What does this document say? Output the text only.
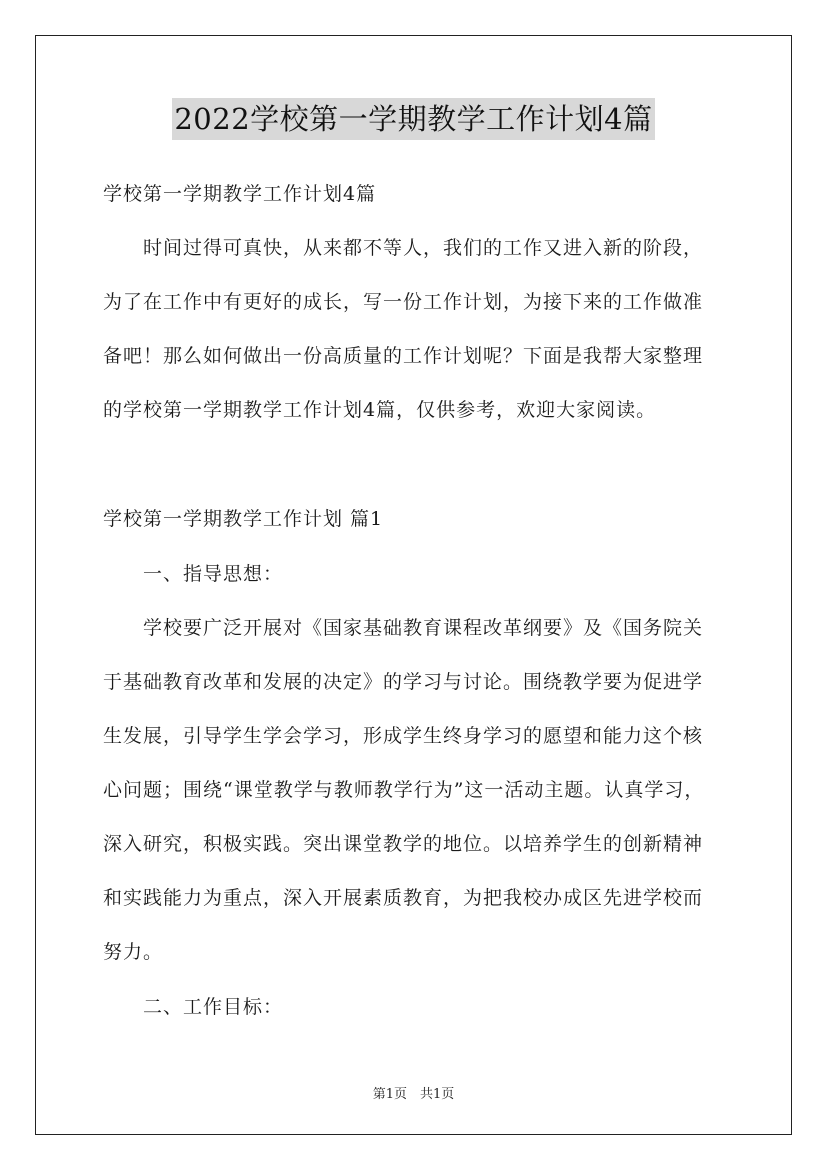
2022学校第一学期教学工作计划4篇
学校第一学期教学工作计划4篇
时间过得可真快，从来都不等人，我们的工作又进入新的阶段，
为了在工作中有更好的成长，写一份工作计划，为接下来的工作做准
备吧！那么如何做出一份高质量的工作计划呢？下面是我帮大家整理
的学校第一学期教学工作计划4篇，仅供参考，欢迎大家阅读。
学校第一学期教学工作计划 篇1
一、指导思想：
学校要广泛开展对《国家基础教育课程改革纲要》及《国务院关
于基础教育改革和发展的决定》的学习与讨论。围绕教学要为促进学
生发展，引导学生学会学习，形成学生终身学习的愿望和能力这个核
心问题；围绕“课堂教学与教师教学行为”这一活动主题。认真学习，
深入研究，积极实践。突出课堂教学的地位。以培养学生的创新精神
和实践能力为重点，深入开展素质教育，为把我校办成区先进学校而
努力。
二、工作目标：
第1页　共1页
